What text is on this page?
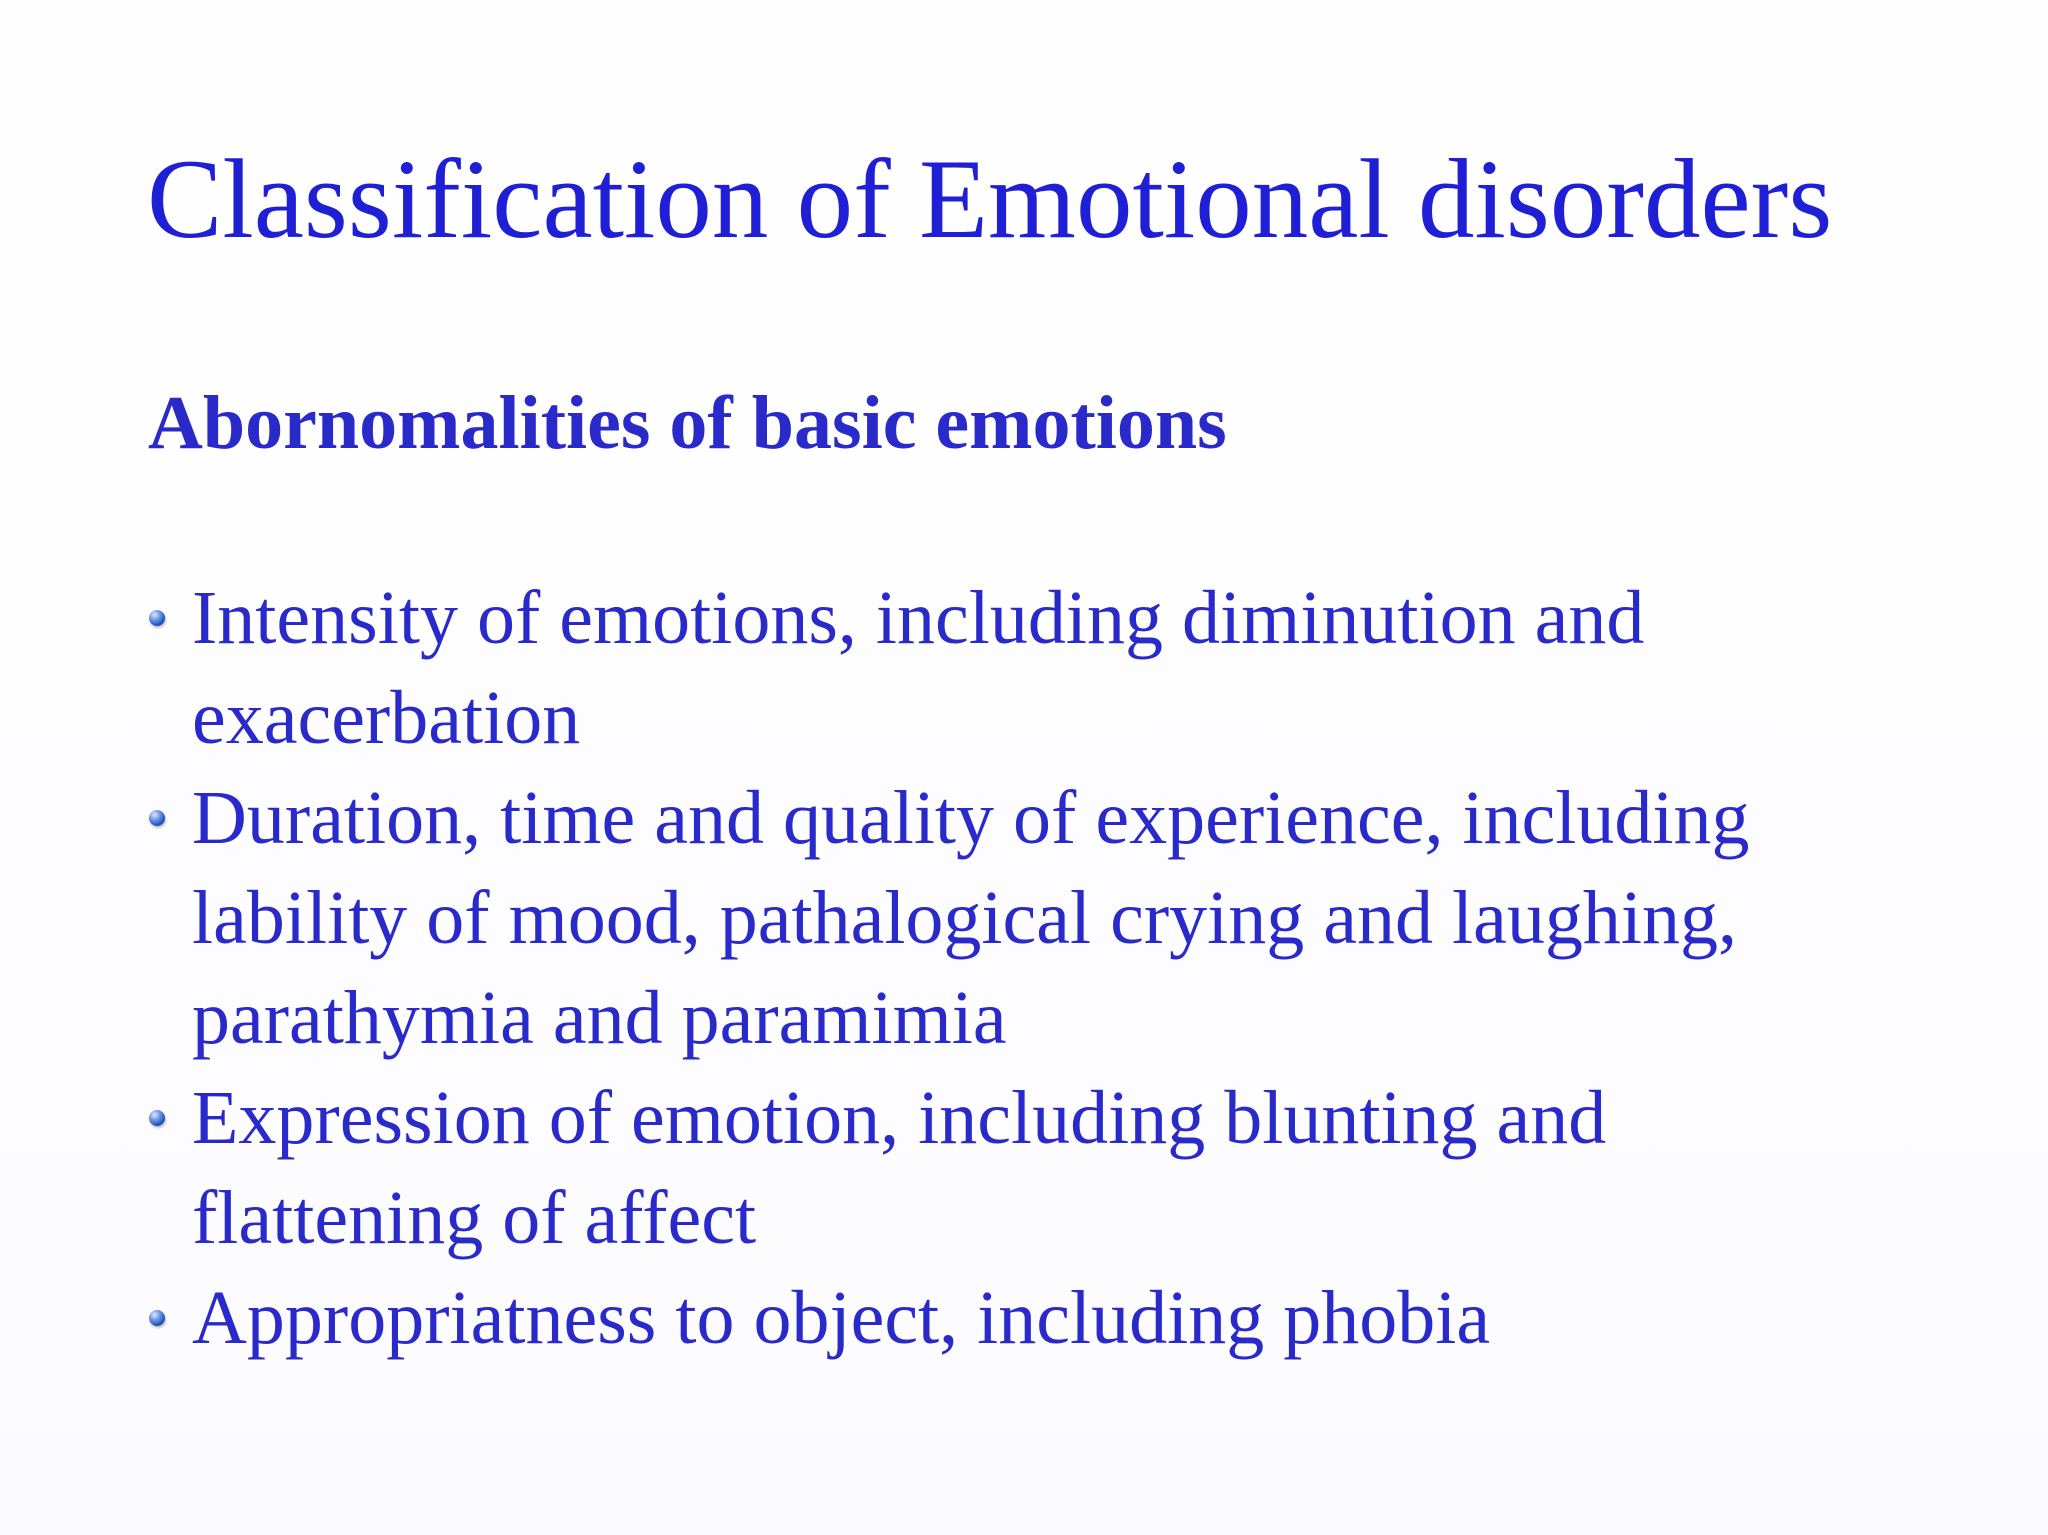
Classification of Emotional disorders
Abornomalities of basic emotions
Intensity of emotions, including diminution and
exacerbation
Duration, time and quality of experience, including
lability of mood, pathalogical crying and laughing,
parathymia and paramimia
Expression of emotion, including blunting and
flattening of affect
Appropriatness to object, including phobia
